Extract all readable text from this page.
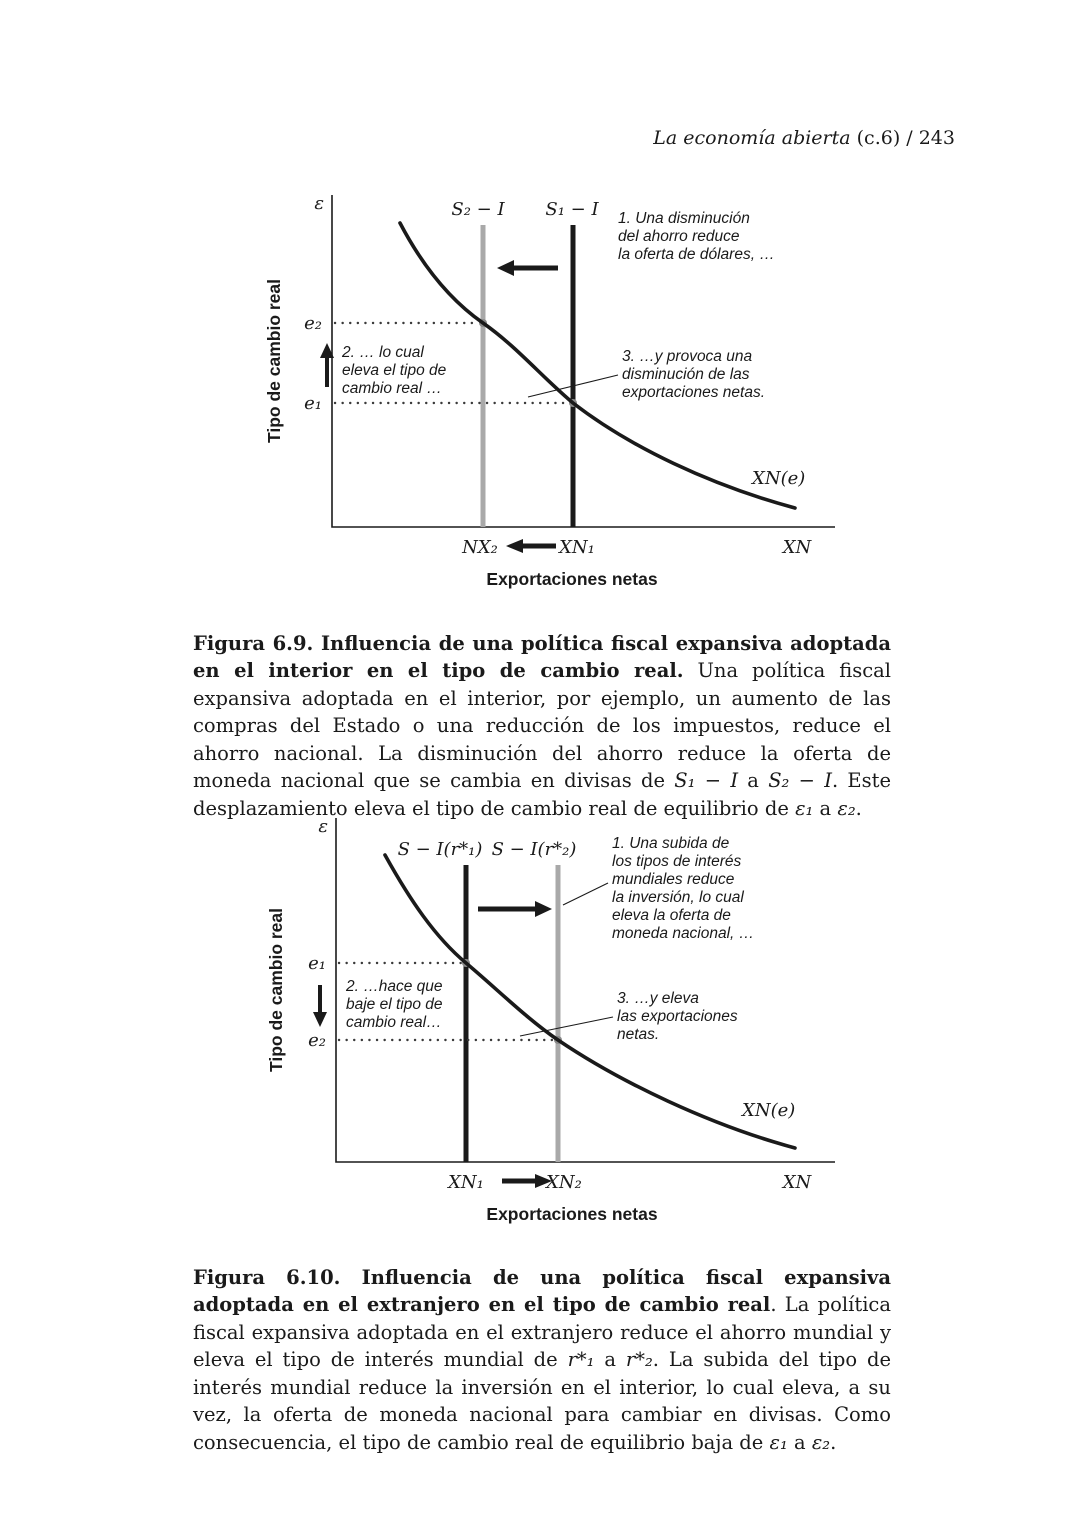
La economía abierta (c.6) / 243
ε
Tipo de cambio real
S₂ − I S₁ − I 1. Una disminución
del ahorro reduce
la oferta de dólares, …
e₂
e₁
2. … lo cual
eleva el tipo de
cambio real …
3. …y provoca una
disminución de las
exportaciones netas.
XN(e)
NX₂	XN₁	XN
Exportaciones netas

Figura 6.9. Influencia de una política fiscal expansiva adoptada en el interior en el tipo de cambio real. Una política fiscal expansiva adoptada en el interior, por ejemplo, un aumento de las compras del Estado o una reducción de los impuestos, reduce el ahorro nacional. La disminución del ahorro reduce la oferta de moneda nacional que se cambia en divisas de S₁ − I a S₂ − I. Este desplazamiento eleva el tipo de cambio real de equilibrio de ε₁ a ε₂.

ε
Tipo de cambio real
S − I(r*₁) S − I(r*₂) 1. Una subida de
los tipos de interés
mundiales reduce
la inversión, lo cual
eleva la oferta de
moneda nacional, …
e₁
e₂
2. …hace que
baje el tipo de
cambio real…
3. …y eleva
las exportaciones
netas.
XN(e)
XN₁	XN₂	XN
Exportaciones netas

Figura 6.10. Influencia de una política fiscal expansiva adoptada en el extranjero en el tipo de cambio real. La política fiscal expansiva adoptada en el extranjero reduce el ahorro mundial y eleva el tipo de interés mundial de r*₁ a r*₂. La subida del tipo de interés mundial reduce la inversión en el interior, lo cual eleva, a su vez, la oferta de moneda nacional para cambiar en divisas. Como consecuencia, el tipo de cambio real de equilibrio baja de ε₁ a ε₂.
